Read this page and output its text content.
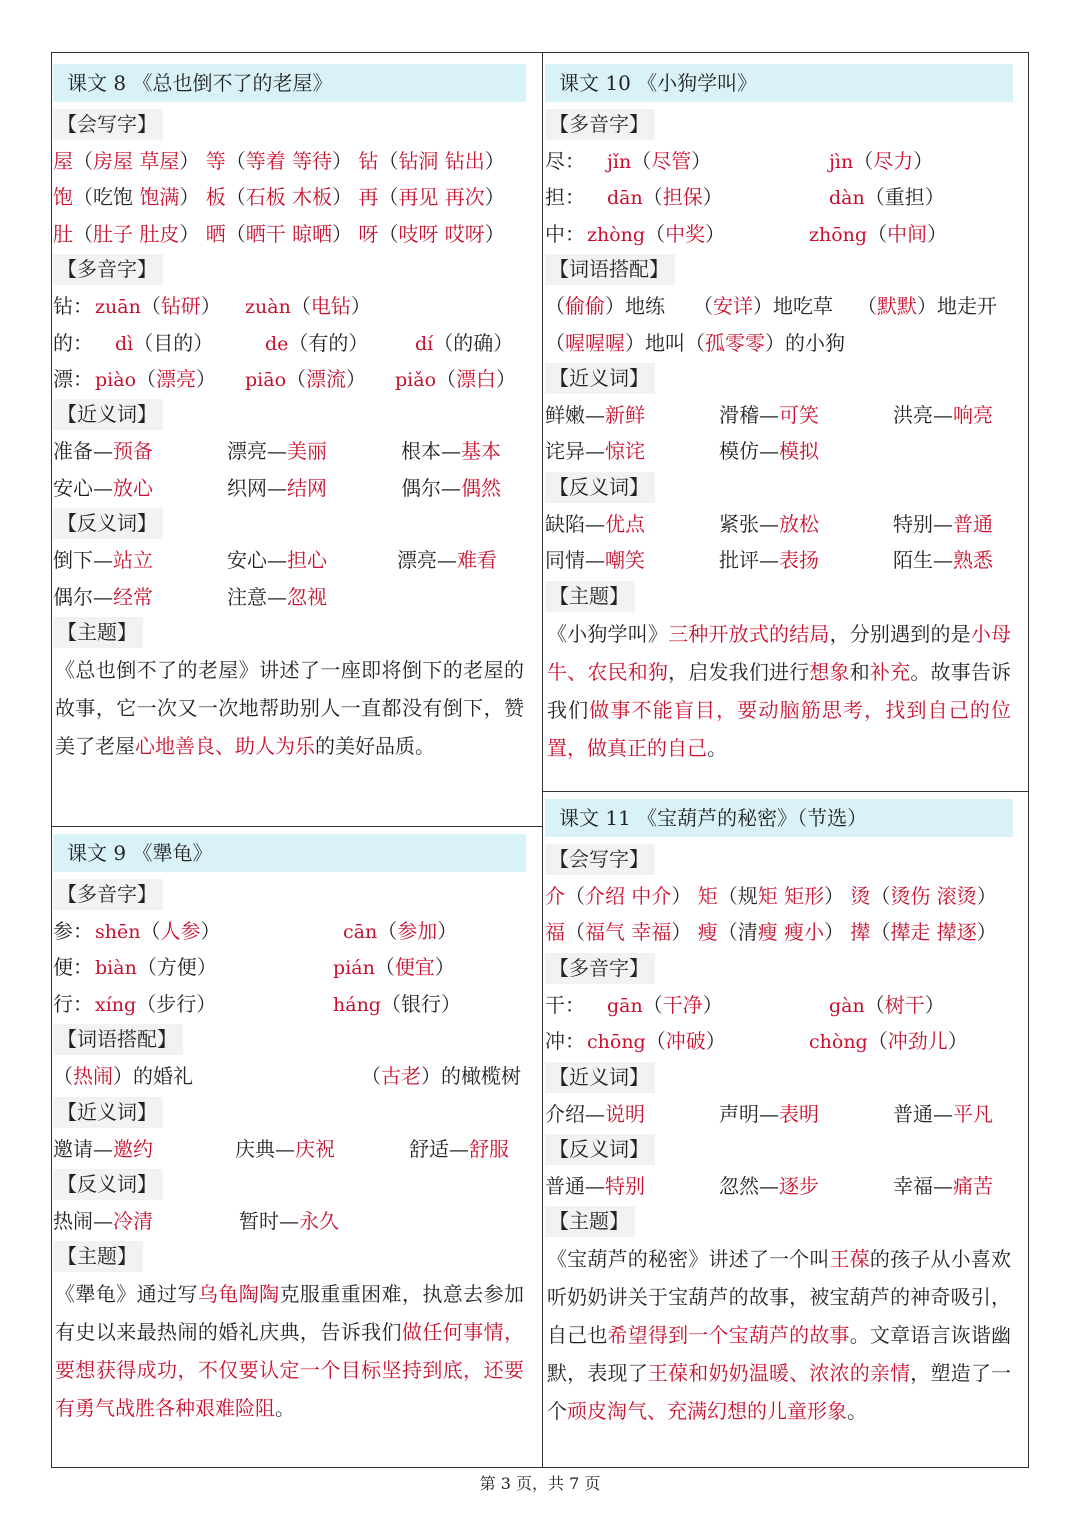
课文 8 《总也倒不了的老屋》
【会写字】
屋（房屋 草屋） 等（等着 等待） 钻（钻洞 钻出）
饱（吃饱 饱满） 板（石板 木板） 再（再见 再次）
肚（肚子 肚皮） 晒（晒干 晾晒） 呀（吱呀 哎呀）
【多音字】
钻： zuān（钻研）	zuàn（电钻）
的：	dì（目的）	de（有的）	dí（的确）
漂： piào（漂亮）	piāo（漂流）	piǎo（漂白）
【近义词】
准备—预备	漂亮—美丽	根本—基本
安心—放心	织网—结网	偶尔—偶然
【反义词】
倒下—站立	安心—担心	漂亮—难看
偶尔—经常	注意—忽视
【主题】
《总也倒不了的老屋》讲述了一座即将倒下的老屋的故事，它一次又一次地帮助别人一直都没有倒下，赞美了老屋心地善良、助人为乐的美好品质。
课文 9 《犟龟》
【多音字】
参： shēn（人参）	cān（参加）
便： biàn（方便）	pián（便宜）
行： xíng（步行）	háng（银行）
【词语搭配】
（热闹）的婚礼	（古老）的橄榄树
【近义词】
邀请—邀约	庆典—庆祝	舒适—舒服
【反义词】
热闹—冷清	暂时—永久
【主题】
《犟龟》通过写乌龟陶陶克服重重困难，执意去参加有史以来最热闹的婚礼庆典，告诉我们做任何事情，要想获得成功，不仅要认定一个目标坚持到底，还要有勇气战胜各种艰难险阻。
课文 10 《小狗学叫》
【多音字】
尽：	jǐn（尽管）	jìn（尽力）
担：	dān（担保）	dàn（重担）
中： zhòng（中奖）	zhōng（中间）
【词语搭配】
（偷偷）地练	（安详）地吃草	（默默）地走开
（喔喔喔）地叫 （孤零零）的小狗
【近义词】
鲜嫩—新鲜	滑稽—可笑	洪亮—响亮
诧异—惊诧	模仿—模拟
【反义词】
缺陷—优点	紧张—放松	特别—普通
同情—嘲笑	批评—表扬	陌生—熟悉
【主题】
《小狗学叫》三种开放式的结局，分别遇到的是小母牛、农民和狗，启发我们进行想象和补充。故事告诉我们做事不能盲目，要动脑筋思考，找到自己的位置，做真正的自己。
课文 11 《宝葫芦的秘密》（节选）
【会写字】
介（介绍 中介） 矩（规矩 矩形） 烫（烫伤 滚烫）
福（福气 幸福） 瘦（清瘦 瘦小） 撵（撵走 撵逐）
【多音字】
干：	gān（干净）	gàn（树干）
冲： chōng（冲破）	chòng（冲劲儿）
【近义词】
介绍—说明	声明—表明	普通—平凡
【反义词】
普通—特别	忽然—逐步	幸福—痛苦
【主题】
《宝葫芦的秘密》讲述了一个叫王葆的孩子从小喜欢听奶奶讲关于宝葫芦的故事，被宝葫芦的神奇吸引，自己也希望得到一个宝葫芦的故事。文章语言诙谐幽默，表现了王葆和奶奶温暖、浓浓的亲情，塑造了一个顽皮淘气、充满幻想的儿童形象。
第 3 页，共 7 页
